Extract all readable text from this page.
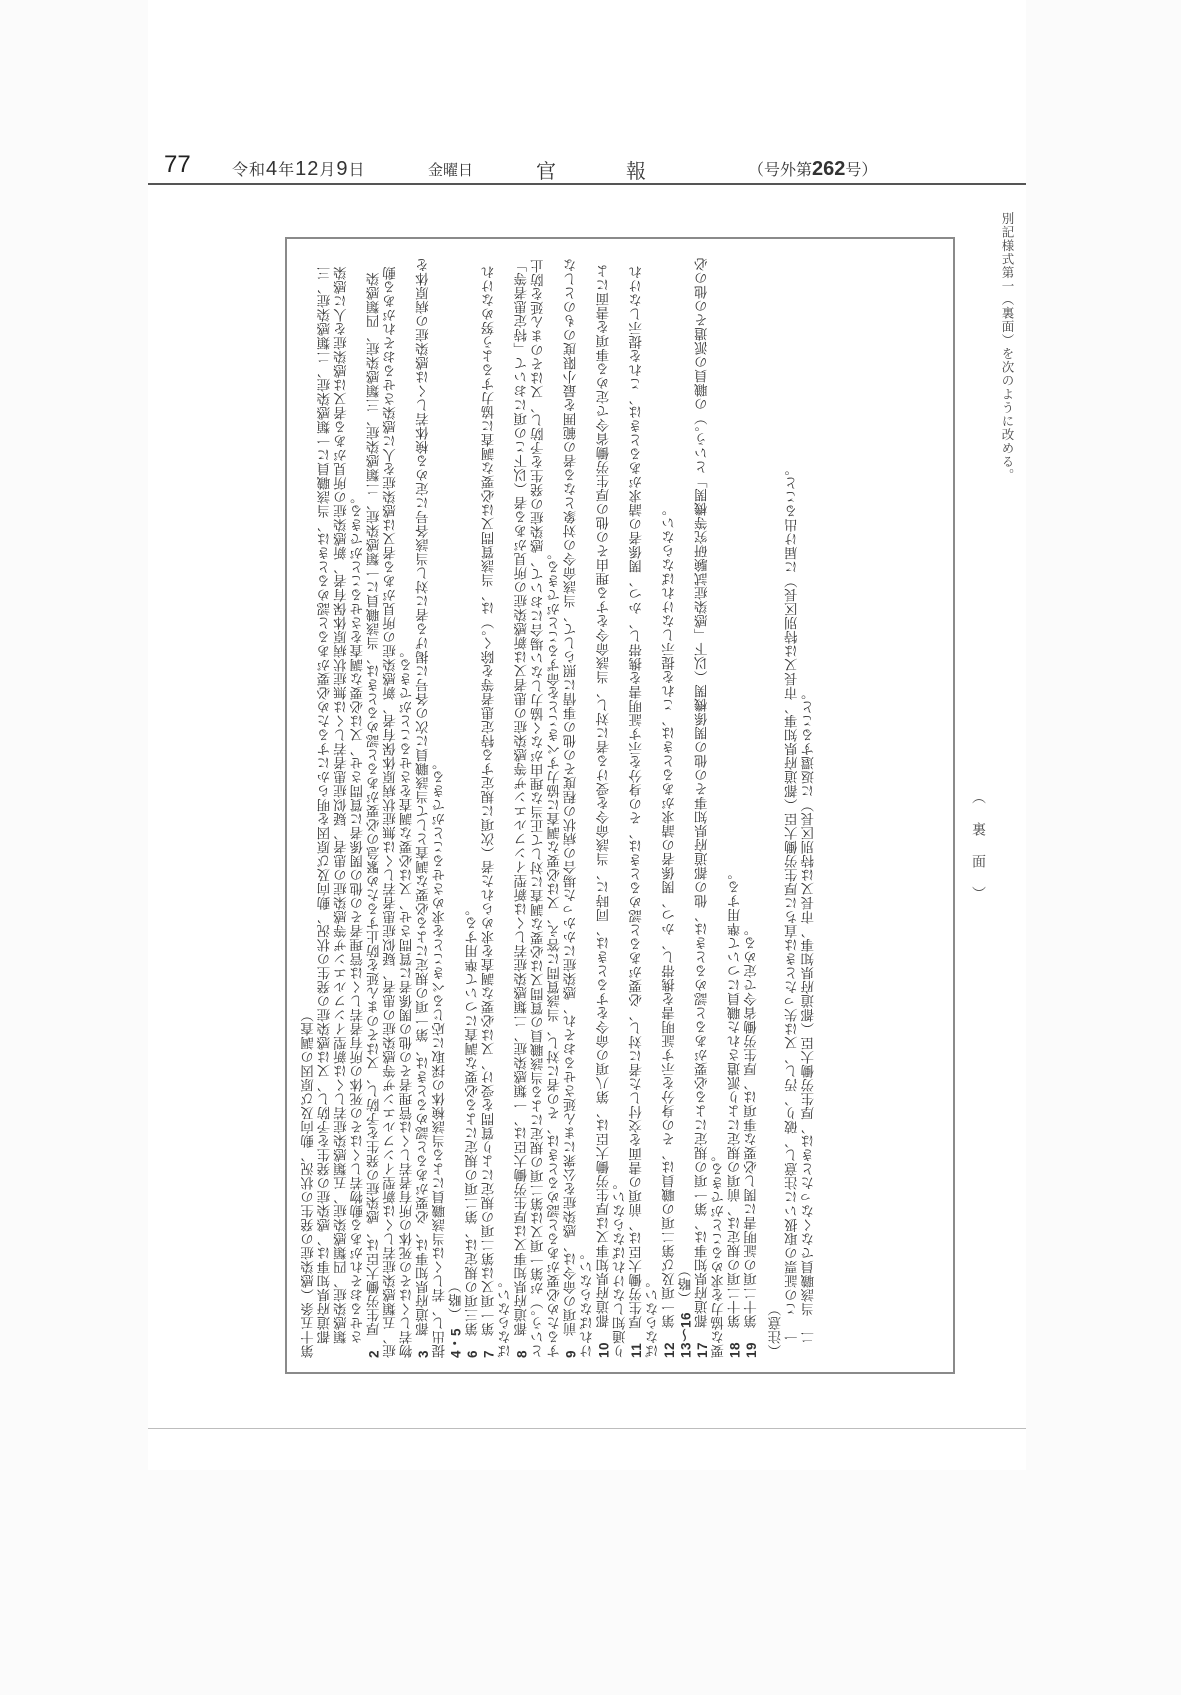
77	令和4年12月9日	金曜日	官	報	（号外第262号）
別記様式第一（裏面）を次のように改める。
（裏面）
第十五条（感染症の発生の状況、動向及び原因の調査） 都道府県知事は、感染症の発生を予防し、又は感染症の発生の状況、動向及び原因を明らかにするため必要があると認めるときは、当該職員に一類感染症、二類感染症、三類感染症、四類感染症、五類感染症若しくは新型インフルエンザ等感染症の患者、疑似症患者若しくは無症状病原体保有者、新感染症の所見がある者又は感染症を人に感染させるおそれがある動物若しくはその死体の所有者若しくは管理者その他の関係者に質問させ、又は必要な調査をさせることができる。
2　厚生労働大臣は、感染症の発生を予防し、又はそのまん延を防止するため緊急の必要があると認めるときは、当該職員に一類感染症、二類感染症、三類感染症、四類感染症、五類感染症若しくは新型インフルエンザ等感染症の患者、疑似症患者若しくは無症状病原体保有者、新感染症の所見がある者又は感染症を人に感染させるおそれがある動物若しくはその死体の所有者若しくは管理者その他の関係者に質問させ、又は必要な調査をさせることができる。 3　都道府県知事は、必要があると認めるときは、第一項の規定による必要な調査として当該職員に次の各号に掲げる者に対し当該各号に定める検体若しくは感染症の病原体を提出し、若しくは当該職員による当該検体の採取に応じるべきことを求めさせることができる。 4・5　（略）
6　第三項の規定は、第二項の規定による必要な調査について準用する。
7　第一項又は第二項の規定により質問を受け、又は必要な調査を求められた者（次項に規定する特定患者等を除く。）は、当該質問又は必要な調査に協力するよう努めなければならない。 8　都道府県知事又は厚生労働大臣は、一類感染症、二類感染症若しくは新型インフルエンザ等感染症の患者又は新感染症の所見がある者（以下この項において「特定患者等」という。）が第一項又は第二項の規定による当該職員の質問又は必要な調査に対して正当な理由がなく協力しない場合において、感染症の発生を予防し、又はそのまん延を防止するため必要があると認めるときは、その者に対し、当該質問に答え、又は必要な調査に協力すべきことを命ずることができる。 9　前項の命令は、感染症を公衆にまん延させるおそれ、感染症にかかった場合の病状の程度その他の事情に照らして、当該命令の対象となる者の範囲を最小限度のものとしなければならない。 10　都道府県知事又は厚生労働大臣は、第八項の命令をするときは、同時に、当該命令を受ける者に対し、当該命令をする理由その他の厚生労働省令で定める事項を書面により通知しなければならない。 11　厚生労働大臣は、前項の書面を交付した者に対し、必要があると認めるときは、その身分を示す証明書を携帯し、かつ、関係者の請求があるときは、これを提示しなければならない。 12　第一項及び第二項の職員は、その身分を示す証明書を携帯し、かつ、関係者の請求があるときは、これを提示しなければならない。
13〜16　（略）
17　都道府県知事は、第一項の規定による必要があると認めるときは、他の都道府県知事その他の関係機関（以下「感染症試験研究等機関」という。）の職員の派遣その他の必要な協力を求めることができる。 18　第十二項の規定は、前項の規定により派遣された職員について準用する。
19　第十二項の証明書に関し必要な事項は、厚生労働省令で定める。
（注意） 一　この証票の取扱いに注意し、破り、汚し、又は失ったときは直ちに厚生労働大臣（都道府県知事、市長又は特別区長）に届け出ること。
二　当該職員でなくなったときは、厚生労働大臣（都道府県知事、市長又は特別区長）に返還すること。
